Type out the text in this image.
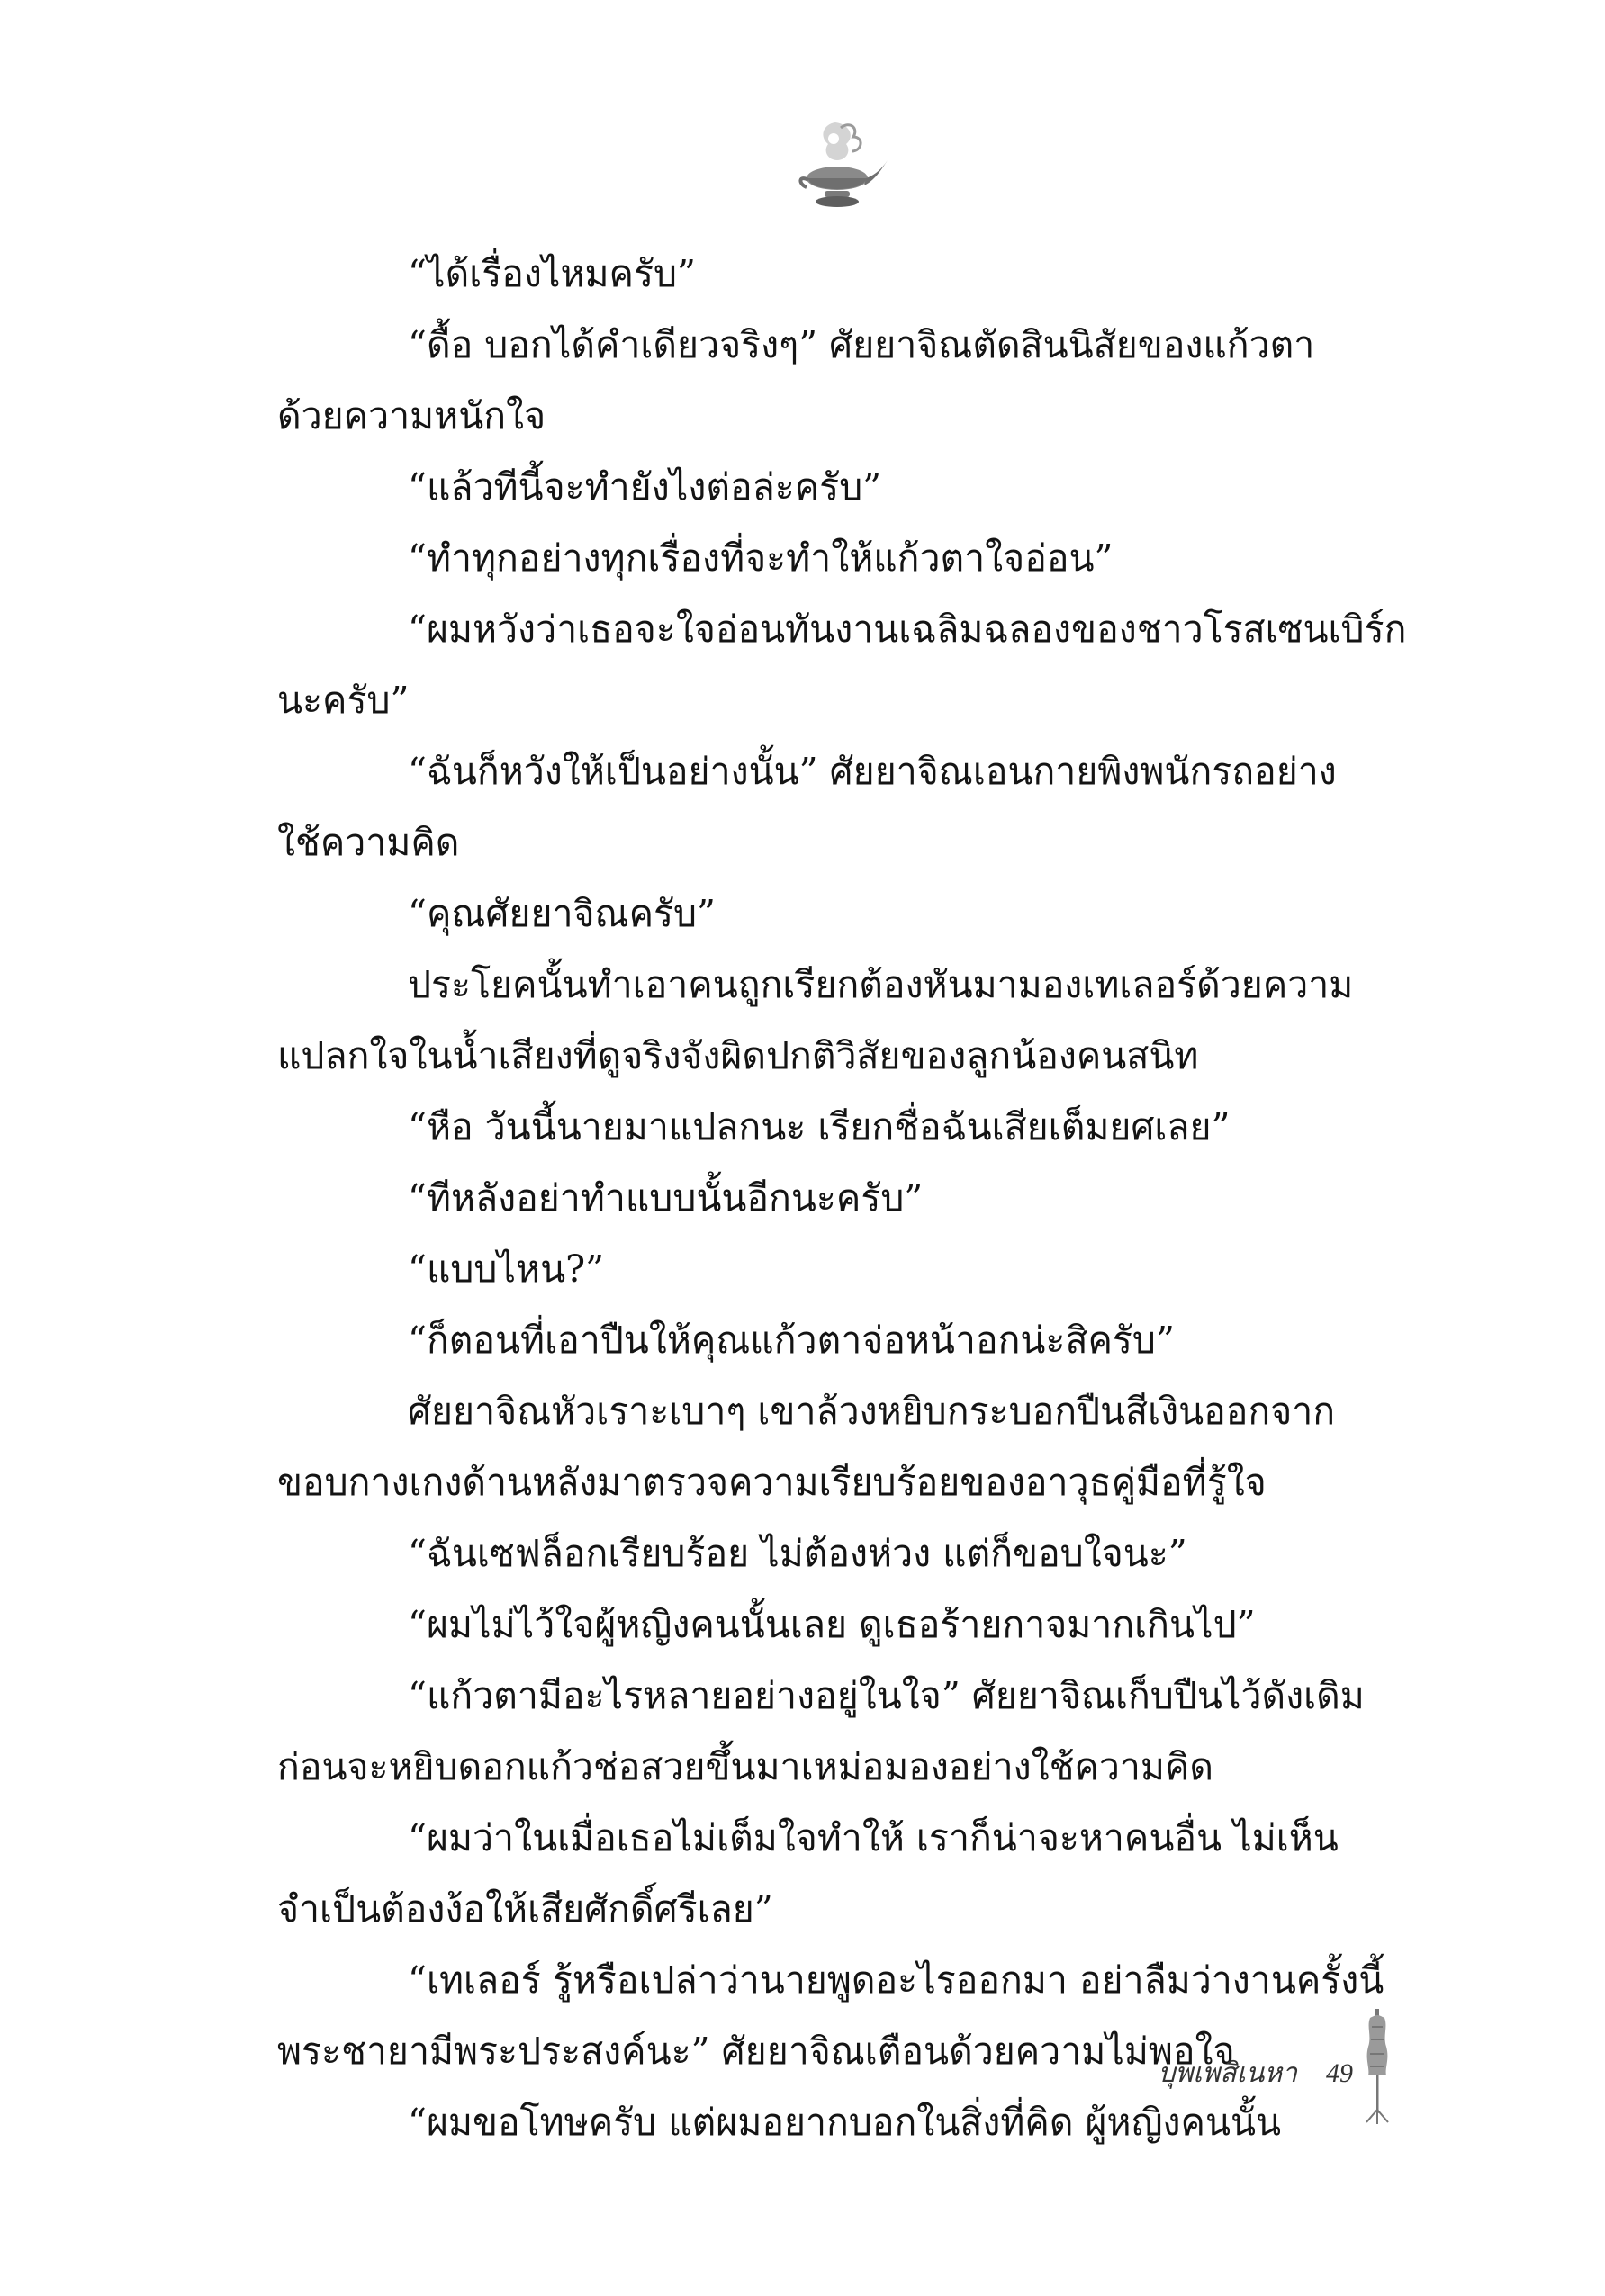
“ได้เรื่องไหมครับ”
“ดื้อ บอกได้คำเดียวจริงๆ” ศัยยาจิณตัดสินนิสัยของแก้วตา
ด้วยความหนักใจ
“แล้วทีนี้จะทำยังไงต่อล่ะครับ”
“ทำทุกอย่างทุกเรื่องที่จะทำให้แก้วตาใจอ่อน”
“ผมหวังว่าเธอจะใจอ่อนทันงานเฉลิมฉลองของชาวโรสเซนเบิร์ก
นะครับ”
“ฉันก็หวังให้เป็นอย่างนั้น” ศัยยาจิณเอนกายพิงพนักรถอย่าง
ใช้ความคิด
“คุณศัยยาจิณครับ”
ประโยคนั้นทำเอาคนถูกเรียกต้องหันมามองเทเลอร์ด้วยความ
แปลกใจในน้ำเสียงที่ดูจริงจังผิดปกติวิสัยของลูกน้องคนสนิท
“หือ วันนี้นายมาแปลกนะ เรียกชื่อฉันเสียเต็มยศเลย”
“ทีหลังอย่าทำแบบนั้นอีกนะครับ”
“แบบไหน?”
“ก็ตอนที่เอาปืนให้คุณแก้วตาจ่อหน้าอกน่ะสิครับ”
ศัยยาจิณหัวเราะเบาๆ เขาล้วงหยิบกระบอกปืนสีเงินออกจาก
ขอบกางเกงด้านหลังมาตรวจความเรียบร้อยของอาวุธคู่มือที่รู้ใจ
“ฉันเซฟล็อกเรียบร้อย ไม่ต้องห่วง แต่ก็ขอบใจนะ”
“ผมไม่ไว้ใจผู้หญิงคนนั้นเลย ดูเธอร้ายกาจมากเกินไป”
“แก้วตามีอะไรหลายอย่างอยู่ในใจ” ศัยยาจิณเก็บปืนไว้ดังเดิม
ก่อนจะหยิบดอกแก้วช่อสวยขึ้นมาเหม่อมองอย่างใช้ความคิด
“ผมว่าในเมื่อเธอไม่เต็มใจทำให้ เราก็น่าจะหาคนอื่น ไม่เห็น
จำเป็นต้องง้อให้เสียศักดิ์ศรีเลย”
“เทเลอร์ รู้หรือเปล่าว่านายพูดอะไรออกมา อย่าลืมว่างานครั้งนี้
พระชายามีพระประสงค์นะ” ศัยยาจิณเตือนด้วยความไม่พอใจ
“ผมขอโทษครับ แต่ผมอยากบอกในสิ่งที่คิด ผู้หญิงคนนั้น
บุพเพสิเนหา 49
